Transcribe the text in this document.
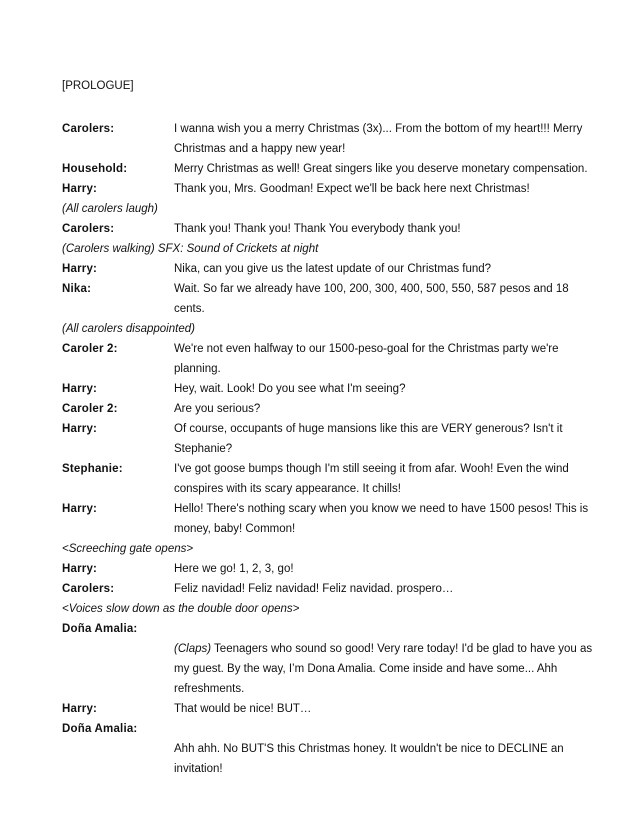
[PROLOGUE]
Carolers:	I wanna wish you a merry Christmas (3x)... From the bottom of my heart!!! Merry Christmas and a happy new year!
Household:	Merry Christmas as well! Great singers like you deserve monetary compensation.
Harry:	Thank you, Mrs. Goodman! Expect we'll be back here next Christmas!
(All carolers laugh)
Carolers:	Thank you! Thank you! Thank You everybody thank you!
(Carolers walking) SFX: Sound of Crickets at night
Harry:	Nika, can you give us the latest update of our Christmas fund?
Nika:	Wait. So far we already have 100, 200, 300, 400, 500, 550, 587 pesos and 18 cents.
(All carolers disappointed)
Caroler 2:	We're not even halfway to our 1500-peso-goal for the Christmas party we're planning.
Harry:	Hey, wait. Look! Do you see what I'm seeing?
Caroler 2:	Are you serious?
Harry:	Of course, occupants of huge mansions like this are VERY generous? Isn't it Stephanie?
Stephanie:	I've got goose bumps though I'm still seeing it from afar. Wooh! Even the wind conspires with its scary appearance. It chills!
Harry:	Hello! There's nothing scary when you know we need to have 1500 pesos! This is money, baby! Common!
<Screeching gate opens>
Harry:	Here we go! 1, 2, 3, go!
Carolers:	Feliz navidad! Feliz navidad! Feliz navidad. prospero…
<Voices slow down as the double door opens>
Doña Amalia:
(Claps) Teenagers who sound so good! Very rare today! I'd be glad to have you as my guest. By the way, I’m Dona Amalia. Come inside and have some... Ahh refreshments.
Harry:	That would be nice! BUT…
Doña Amalia:
Ahh ahh. No BUT'S this Christmas honey. It wouldn't be nice to DECLINE an invitation!
